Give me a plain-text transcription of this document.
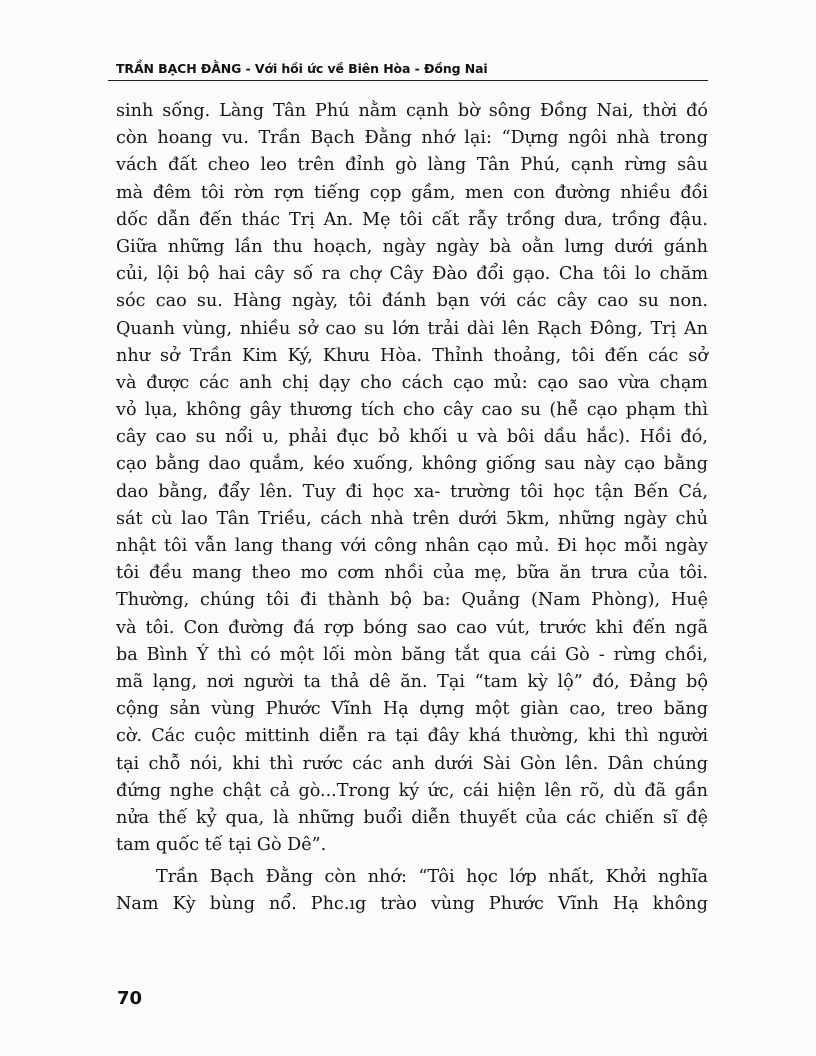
TRẦN BẠCH ĐẰNG - Với hồi ức về Biên Hòa - Đồng Nai
sinh sống. Làng Tân Phú nằm cạnh bờ sông Đồng Nai, thời đó
còn hoang vu. Trần Bạch Đằng nhớ lại: “Dựng ngôi nhà trong
vách đất cheo leo trên đỉnh gò làng Tân Phú, cạnh rừng sâu
mà đêm tôi rờn rợn tiếng cọp gầm, men con đường nhiều đồi
dốc dẫn đến thác Trị An. Mẹ tôi cất rẫy trồng dưa, trồng đậu.
Giữa những lần thu hoạch, ngày ngày bà oằn lưng dưới gánh
củi, lội bộ hai cây số ra chợ Cây Đào đổi gạo. Cha tôi lo chăm
sóc cao su. Hàng ngày, tôi đánh bạn với các cây cao su non.
Quanh vùng, nhiều sở cao su lớn trải dài lên Rạch Đông, Trị An
như sở Trần Kim Ký, Khưu Hòa. Thỉnh thoảng, tôi đến các sở
và được các anh chị dạy cho cách cạo mủ: cạo sao vừa chạm
vỏ lụa, không gây thương tích cho cây cao su (hễ cạo phạm thì
cây cao su nổi u, phải đục bỏ khối u và bôi dầu hắc). Hồi đó,
cạo bằng dao quắm, kéo xuống, không giống sau này cạo bằng
dao bằng, đẩy lên. Tuy đi học xa- trường tôi học tận Bến Cá,
sát cù lao Tân Triều, cách nhà trên dưới 5km, những ngày chủ
nhật tôi vẫn lang thang với công nhân cạo mủ. Đi học mỗi ngày
tôi đều mang theo mo cơm nhồi của mẹ, bữa ăn trưa của tôi.
Thường, chúng tôi đi thành bộ ba: Quảng (Nam Phòng), Huệ
và tôi. Con đường đá rợp bóng sao cao vút, trước khi đến ngã
ba Bình Ý thì có một lối mòn băng tắt qua cái Gò - rừng chồi,
mã lạng, nơi người ta thả dê ăn. Tại “tam kỳ lộ” đó, Đảng bộ
cộng sản vùng Phước Vĩnh Hạ dựng một giàn cao, treo băng
cờ. Các cuộc mittinh diễn ra tại đây khá thường, khi thì người
tại chỗ nói, khi thì rước các anh dưới Sài Gòn lên. Dân chúng
đứng nghe chật cả gò...Trong ký ức, cái hiện lên rõ, dù đã gần
nửa thế kỷ qua, là những buổi diễn thuyết của các chiến sĩ đệ
tam quốc tế tại Gò Dê”.
Trần Bạch Đằng còn nhớ: “Tôi học lớp nhất, Khởi nghĩa
Nam Kỳ bùng nổ. Phc.ıg trào vùng Phước Vĩnh Hạ không
70
